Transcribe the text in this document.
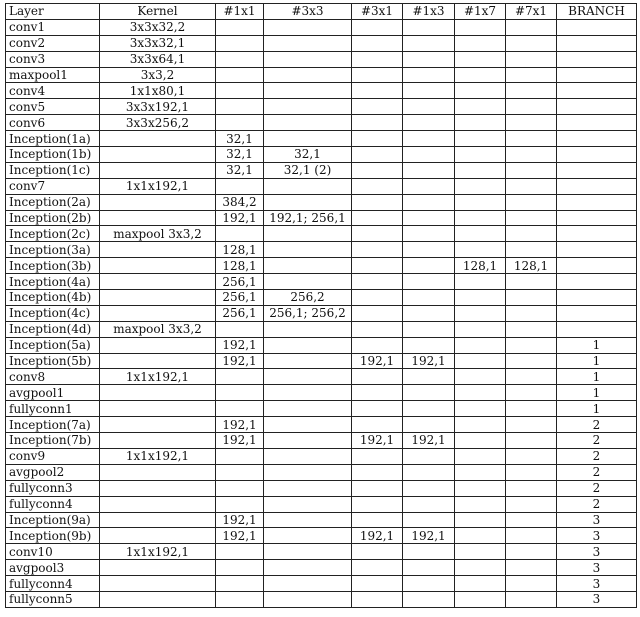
Layer	Kernel	#1x1	#3x3	#3x1	#1x3	#1x7	#7x1	BRANCH
conv1	3x3x32,2							
conv2	3x3x32,1							
conv3	3x3x64,1							
maxpool1	3x3,2							
conv4	1x1x80,1							
conv5	3x3x192,1							
conv6	3x3x256,2							
Inception(1a)		32,1						
Inception(1b)		32,1	32,1					
Inception(1c)		32,1	32,1 (2)					
conv7	1x1x192,1							
Inception(2a)		384,2						
Inception(2b)		192,1	192,1; 256,1					
Inception(2c)	maxpool 3x3,2							
Inception(3a)		128,1						
Inception(3b)		128,1				128,1	128,1	
Inception(4a)		256,1						
Inception(4b)		256,1	256,2					
Inception(4c)		256,1	256,1; 256,2					
Inception(4d)	maxpool 3x3,2							
Inception(5a)		192,1						1
Inception(5b)		192,1		192,1	192,1			1
conv8	1x1x192,1							1
avgpool1								1
fullyconn1								1
Inception(7a)		192,1						2
Inception(7b)		192,1		192,1	192,1			2
conv9	1x1x192,1							2
avgpool2								2
fullyconn3								2
fullyconn4								2
Inception(9a)		192,1						3
Inception(9b)		192,1		192,1	192,1			3
conv10	1x1x192,1							3
avgpool3								3
fullyconn4								3
fullyconn5								3
